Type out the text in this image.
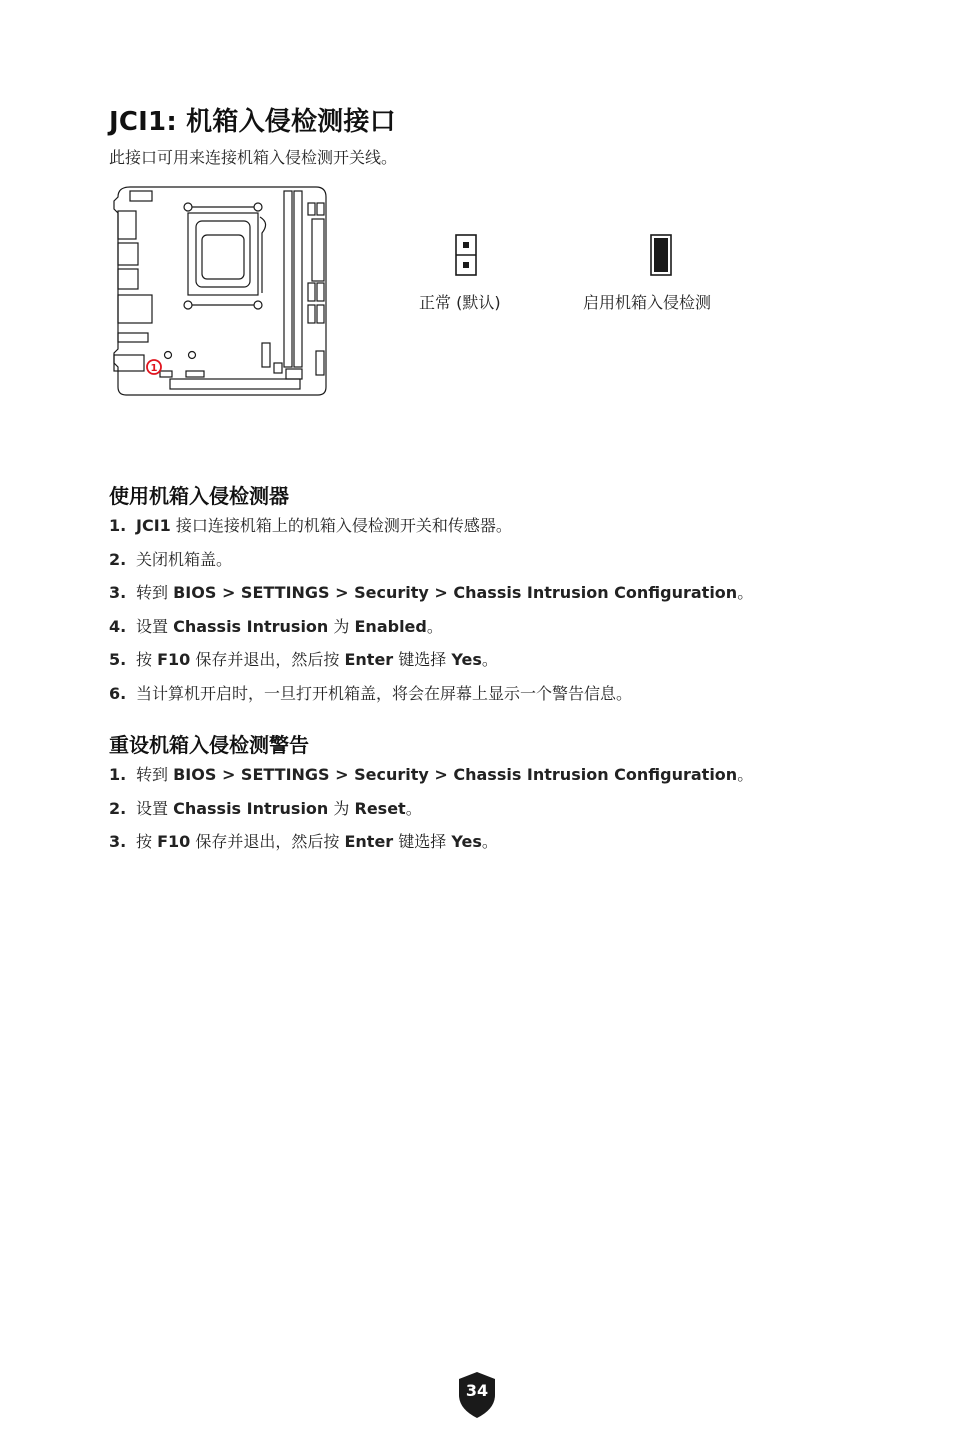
JCI1: 机箱入侵检测接口

此接口可用来连接机箱入侵检测开关线。

1
正常 (默认)	启用机箱入侵检测
使用机箱入侵检测器
1. JCI1 接口连接机箱上的机箱入侵检测开关和传感器。
2. 关闭机箱盖。
3. 转到 BIOS > SETTINGS > Security > Chassis Intrusion Configuration。
4. 设置 Chassis Intrusion 为 Enabled。
5. 按 F10 保存并退出，然后按 Enter 键选择 Yes。
6. 当计算机开启时，一旦打开机箱盖，将会在屏幕上显示一个警告信息。
重设机箱入侵检测警告
1. 转到 BIOS > SETTINGS > Security > Chassis Intrusion Configuration。
2. 设置 Chassis Intrusion 为 Reset。
3. 按 F10 保存并退出，然后按 Enter 键选择 Yes。
34
